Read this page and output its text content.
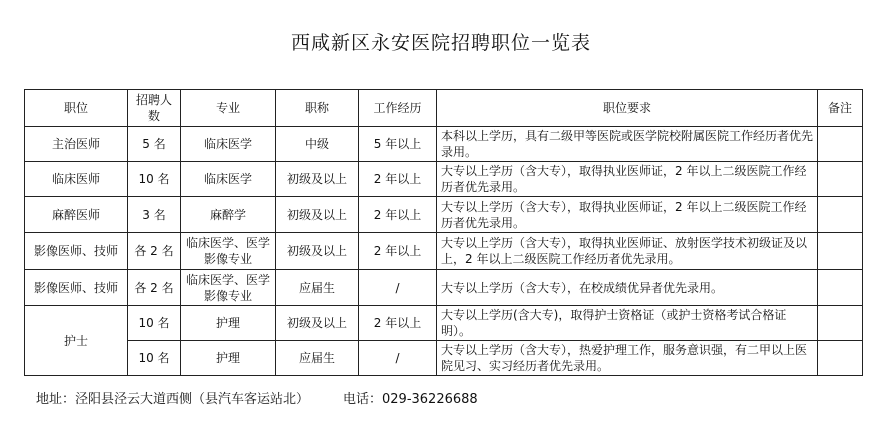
西咸新区永安医院招聘职位一览表
职位	招聘人数	专业	职称	工作经历	职位要求	备注
主治医师	5 名	临床医学	中级	5 年以上	本科以上学历，具有二级甲等医院或医学院校附属医院工作经历者优先录用。	
临床医师	10 名	临床医学	初级及以上	2 年以上	大专以上学历（含大专），取得执业医师证，2 年以上二级医院工作经历者优先录用。	
麻醉医师	3 名	麻醉学	初级及以上	2 年以上	大专以上学历（含大专），取得执业医师证，2 年以上二级医院工作经历者优先录用。	
影像医师、技师	各 2 名	临床医学、医学影像专业	初级及以上	2 年以上	大专以上学历（含大专），取得执业医师证、放射医学技术初级证及以上，2 年以上二级医院工作经历者优先录用。	
影像医师、技师	各 2 名	临床医学、医学影像专业	应届生	/	大专以上学历（含大专），在校成绩优异者优先录用。	
护士	10 名	护理	初级及以上	2 年以上	大专以上学历(含大专)，取得护士资格证（或护士资格考试合格证明）。	
	10 名	护理	应届生	/	大专以上学历（含大专），热爱护理工作，服务意识强，有二甲以上医院见习、实习经历者优先录用。	
地址：泾阳县泾云大道西侧（县汽车客运站北）	电话：029-36226688
